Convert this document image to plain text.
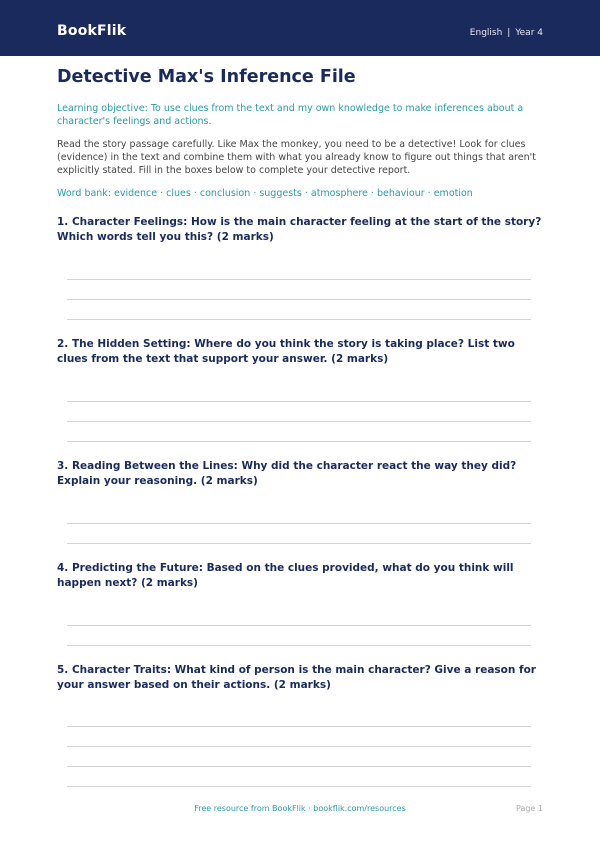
BookFlik	English | Year 4
Detective Max's Inference File
Learning objective: To use clues from the text and my own knowledge to make inferences about a character's feelings and actions.
Read the story passage carefully. Like Max the monkey, you need to be a detective! Look for clues (evidence) in the text and combine them with what you already know to figure out things that aren't explicitly stated. Fill in the boxes below to complete your detective report.
Word bank: evidence · clues · conclusion · suggests · atmosphere · behaviour · emotion
1. Character Feelings: How is the main character feeling at the start of the story? Which words tell you this? (2 marks)
2. The Hidden Setting: Where do you think the story is taking place? List two clues from the text that support your answer. (2 marks)
3. Reading Between the Lines: Why did the character react the way they did? Explain your reasoning. (2 marks)
4. Predicting the Future: Based on the clues provided, what do you think will happen next? (2 marks)
5. Character Traits: What kind of person is the main character? Give a reason for your answer based on their actions. (2 marks)
Free resource from BookFlik · bookflik.com/resources	Page 1
